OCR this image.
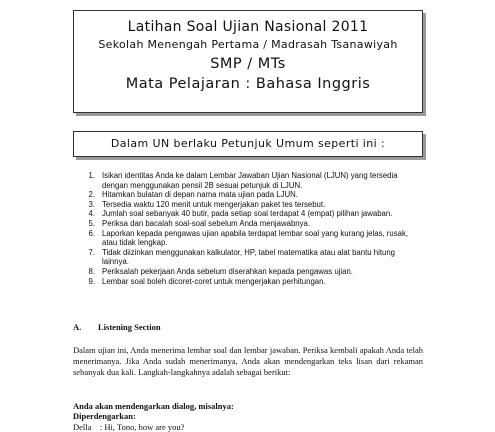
Latihan Soal Ujian Nasional 2011
Sekolah Menengah Pertama / Madrasah Tsanawiyah
SMP / MTs
Mata Pelajaran : Bahasa Inggris
Dalam UN berlaku Petunjuk Umum seperti ini :
1. Isikan identitas Anda ke dalam Lembar Jawaban Ujian Nasional (LJUN) yang tersedia dengan menggunakan pensil 2B sesuai petunjuk di LJUN.
2. Hitamkan bulatan di depan nama mata ujian pada LJUN.
3. Tersedia waktu 120 menit untuk mengerjakan paket tes tersebut.
4. Jumlah soal sebanyak 40 butir, pada setiap soal terdapat 4 (empat) pilihan jawaban.
5. Periksa dan bacalah soal-soal sebelum Anda menjawabnya.
6. Laporkan kepada pengawas ujian apabila terdapat lembar soal yang kurang jelas, rusak, atau tidak lengkap.
7. Tidak diizinkan menggunakan kalkulator, HP, tabel matematika atau alat bantu hitung lainnya.
8. Periksalah pekerjaan Anda sebelum diserahkan kepada pengawas ujian.
9. Lembar soal boleh dicoret-coret untuk mengerjakan perhitungan.
A. Listening Section

Dalam ujian ini, Anda menerima lembar soal dan lembar jawaban. Periksa kembali apakah Anda telah menerimanya. Jika Anda sudah menerimanya, Anda akan mendengarkan teks lisan dari rekaman sebanyak dua kali. Langkah-langkahnya adalah sebagai berikut:

Anda akan mendengarkan dialog, misalnya:
Diperdengarkan:
Della    : Hi, Tono, how are you?
